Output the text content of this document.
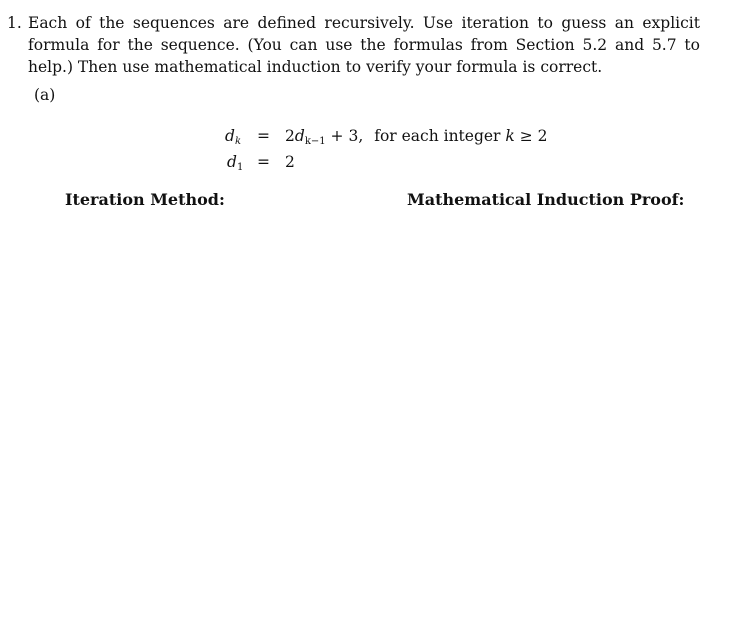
1. Each of the sequences are defined recursively. Use iteration to guess an explicit formula for the sequence. (You can use the formulas from Section 5.2 and 5.7 to help.) Then use mathematical induction to verify your formula is correct.
(a)
$d_k = 2d_{k-1} + 3$, for each integer k ≥ 2
$d_1 = 2$
Iteration Method:	Mathematical Induction Proof:
